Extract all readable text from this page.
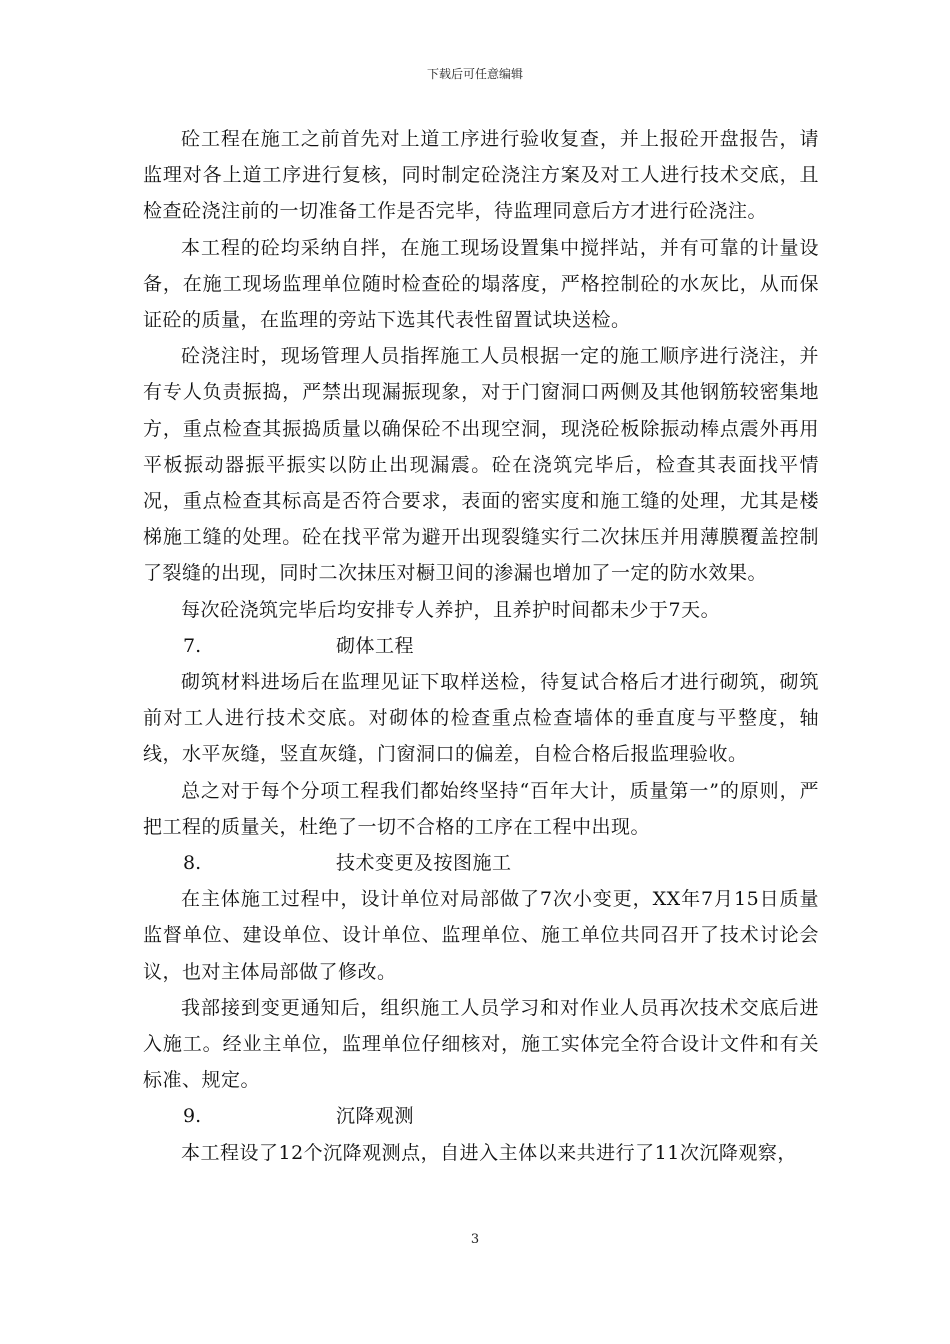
下载后可任意编辑

砼工程在施工之前首先对上道工序进行验收复查，并上报砼开盘报告，请监理对各上道工序进行复核，同时制定砼浇注方案及对工人进行技术交底，且检查砼浇注前的一切准备工作是否完毕，待监理同意后方才进行砼浇注。

本工程的砼均采纳自拌，在施工现场设置集中搅拌站，并有可靠的计量设备，在施工现场监理单位随时检查砼的塌落度，严格控制砼的水灰比，从而保证砼的质量，在监理的旁站下选其代表性留置试块送检。

砼浇注时，现场管理人员指挥施工人员根据一定的施工顺序进行浇注，并有专人负责振捣，严禁出现漏振现象，对于门窗洞口两侧及其他钢筋较密集地方，重点检查其振捣质量以确保砼不出现空洞，现浇砼板除振动棒点震外再用平板振动器振平振实以防止出现漏震。砼在浇筑完毕后，检查其表面找平情况，重点检查其标高是否符合要求，表面的密实度和施工缝的处理，尤其是楼梯施工缝的处理。砼在找平常为避开出现裂缝实行二次抹压并用薄膜覆盖控制了裂缝的出现，同时二次抹压对橱卫间的渗漏也增加了一定的防水效果。

每次砼浇筑完毕后均安排专人养护，且养护时间都未少于7天。

7.	砌体工程

砌筑材料进场后在监理见证下取样送检，待复试合格后才进行砌筑，砌筑前对工人进行技术交底。对砌体的检查重点检查墙体的垂直度与平整度，轴线，水平灰缝，竖直灰缝，门窗洞口的偏差，自检合格后报监理验收。

总之对于每个分项工程我们都始终坚持“百年大计，质量第一”的原则，严把工程的质量关，杜绝了一切不合格的工序在工程中出现。

8.	技术变更及按图施工

在主体施工过程中，设计单位对局部做了7次小变更，XX年7月15日质量监督单位、建设单位、设计单位、监理单位、施工单位共同召开了技术讨论会议，也对主体局部做了修改。

我部接到变更通知后，组织施工人员学习和对作业人员再次技术交底后进入施工。经业主单位，监理单位仔细核对，施工实体完全符合设计文件和有关标准、规定。

9.	沉降观测

本工程设了12个沉降观测点，自进入主体以来共进行了11次沉降观察，

3
